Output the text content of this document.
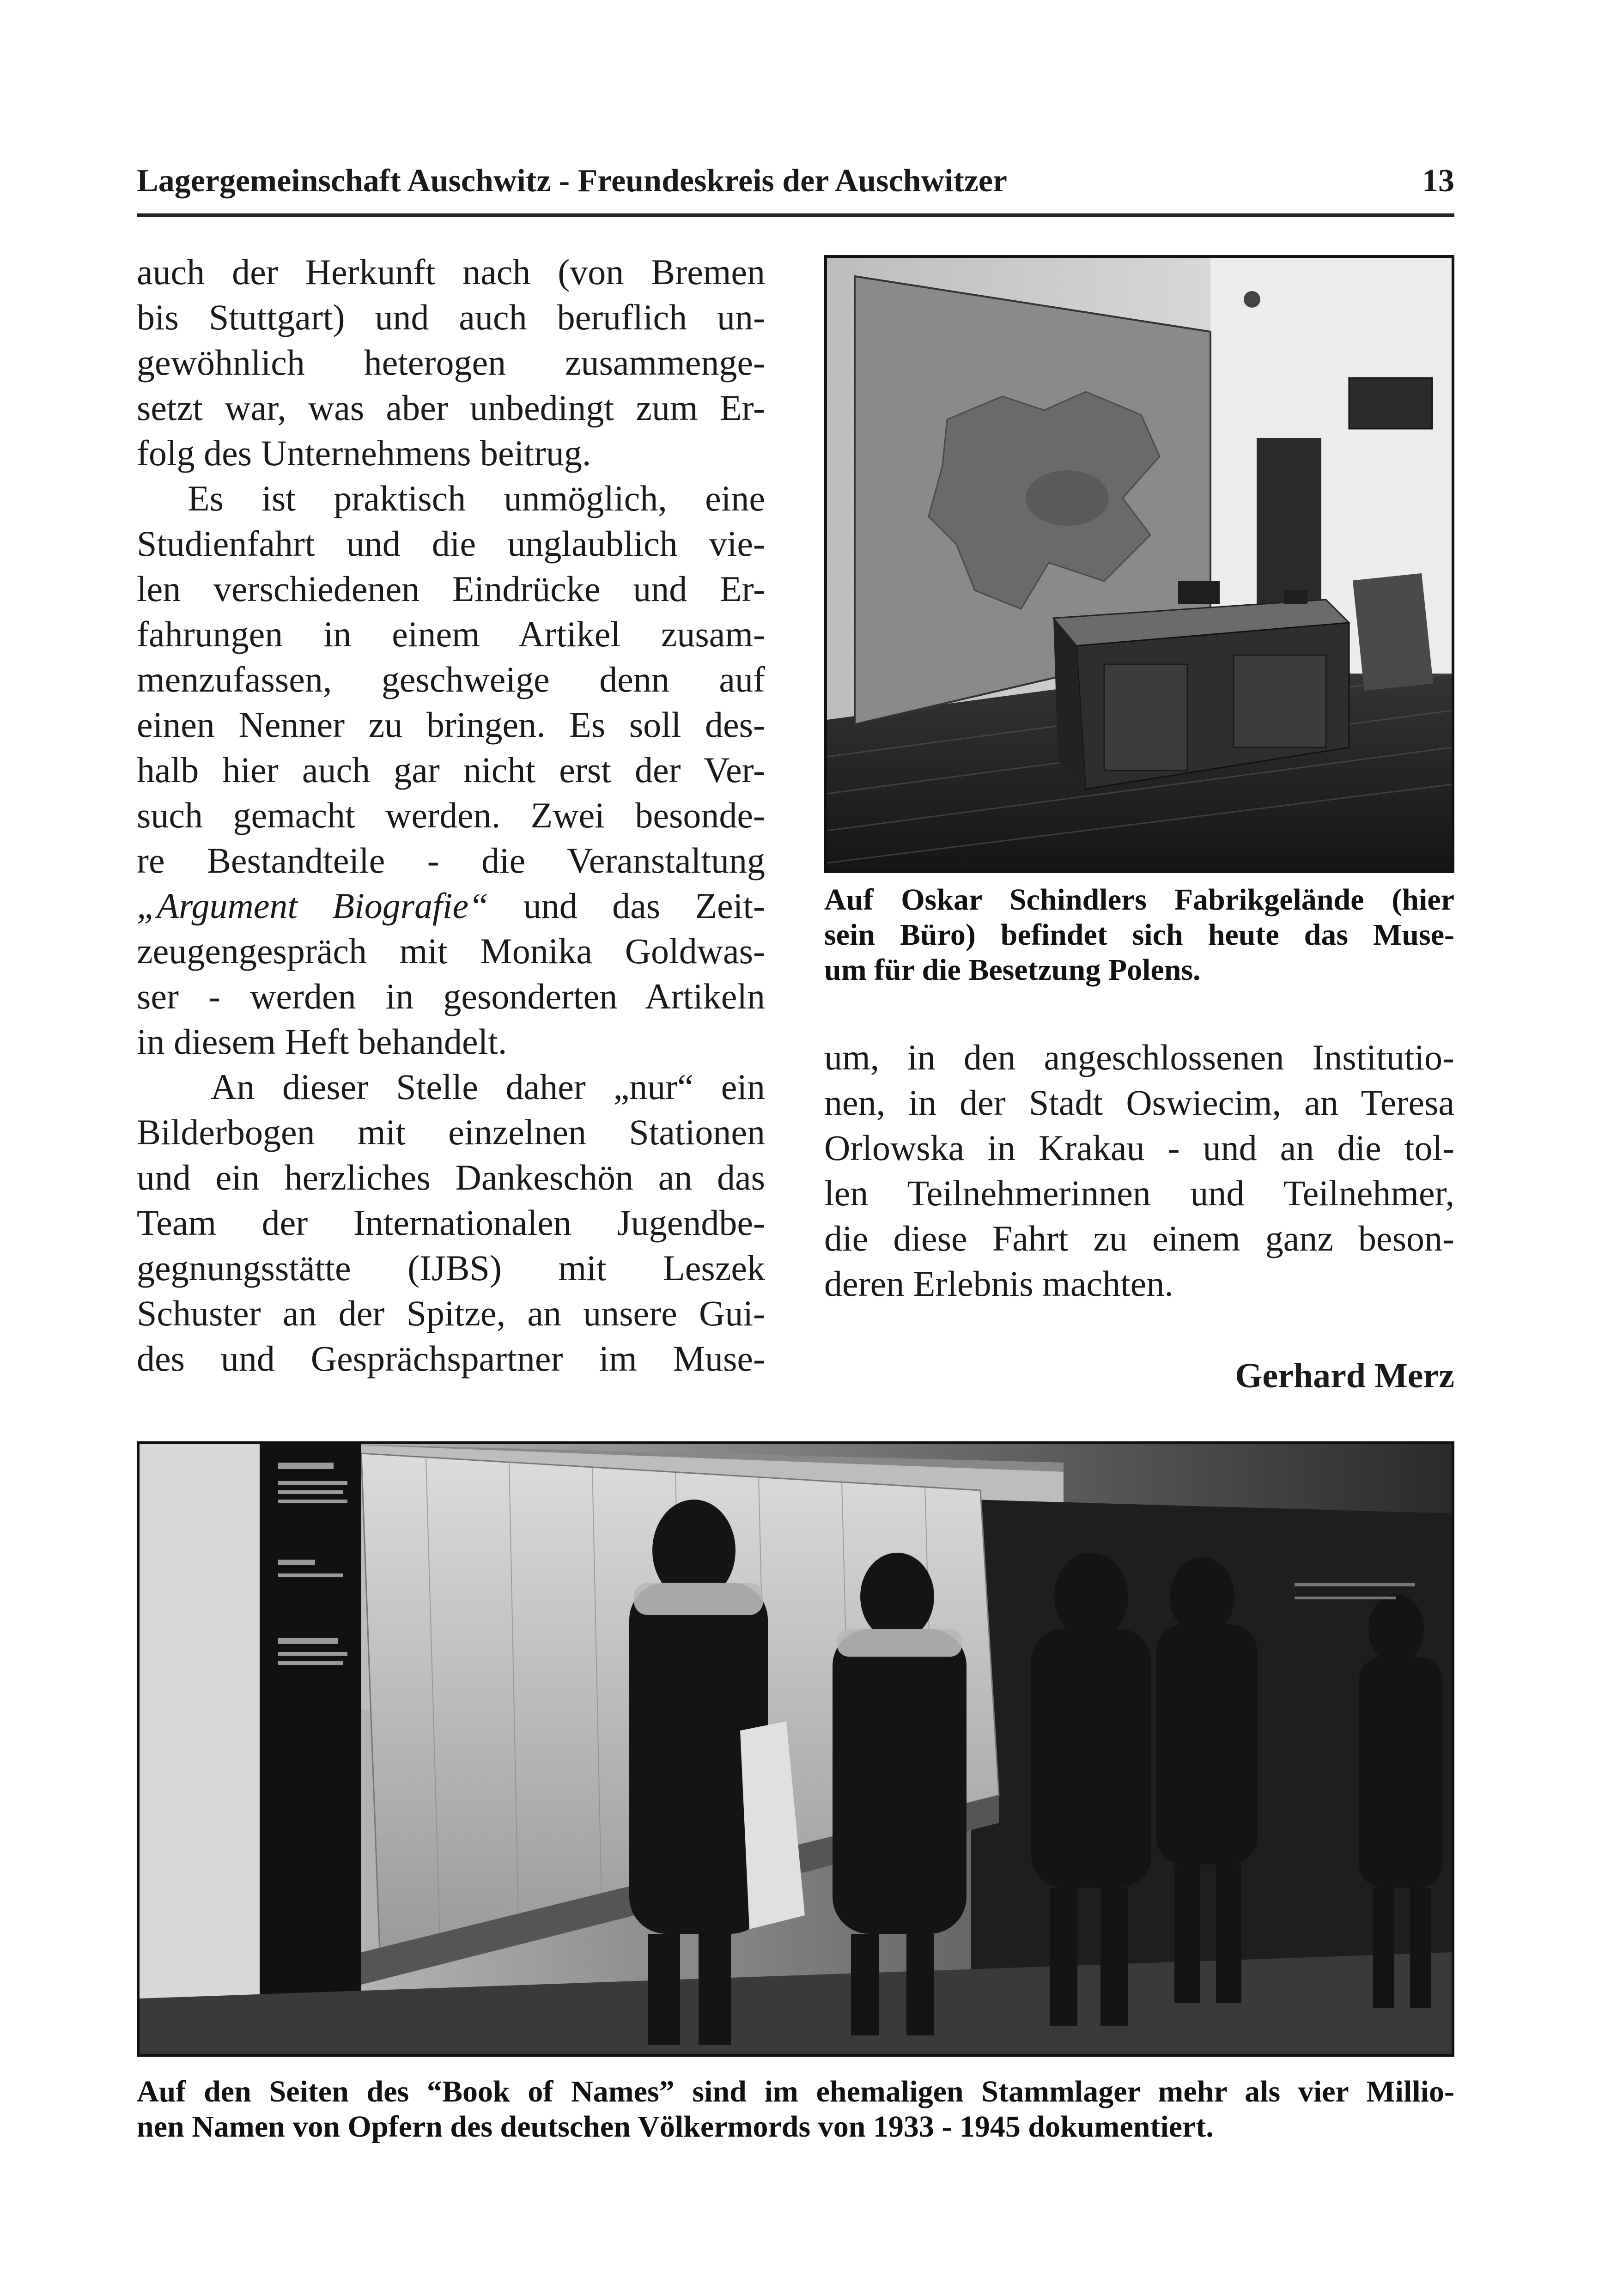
Lagergemeinschaft Auschwitz - Freundeskreis der Auschwitzer	13

auch der Herkunft nach (von Bremen

bis Stuttgart) und auch beruflich un-

gewöhnlich heterogen zusammenge-

setzt war, was aber unbedingt zum Er-

folg des Unternehmens beitrug.

Es ist praktisch unmöglich, eine

Studienfahrt und die unglaublich vie-

len verschiedenen Eindrücke und Er-

fahrungen in einem Artikel zusam-

menzufassen, geschweige denn auf

einen Nenner zu bringen. Es soll des-

halb hier auch gar nicht erst der Ver-

such gemacht werden. Zwei besonde-

re Bestandteile - die Veranstaltung

„Argument Biografie“ und das Zeit-

zeugengespräch mit Monika Goldwas-

ser - werden in gesonderten Artikeln

in diesem Heft behandelt.

An dieser Stelle daher „nur“ ein

Bilderbogen mit einzelnen Stationen

und ein herzliches Dankeschön an das

Team der Internationalen Jugendbe-

gegnungsstätte (IJBS) mit Leszek

Schuster an der Spitze, an unsere Gui-

des und Gesprächspartner im Muse-

Auf Oskar Schindlers Fabrikgelände (hier

sein Büro) befindet sich heute das Muse-

um für die Besetzung Polens.

um, in den angeschlossenen Institutio-

nen, in der Stadt Oswiecim, an Teresa

Orlowska in Krakau - und an die tol-

len Teilnehmerinnen und Teilnehmer,

die diese Fahrt zu einem ganz beson-

deren Erlebnis machten.

Gerhard Merz

Auf den Seiten des “Book of Names” sind im ehemaligen Stammlager mehr als vier Millio-

nen Namen von Opfern des deutschen Völkermords von 1933 - 1945 dokumentiert.
